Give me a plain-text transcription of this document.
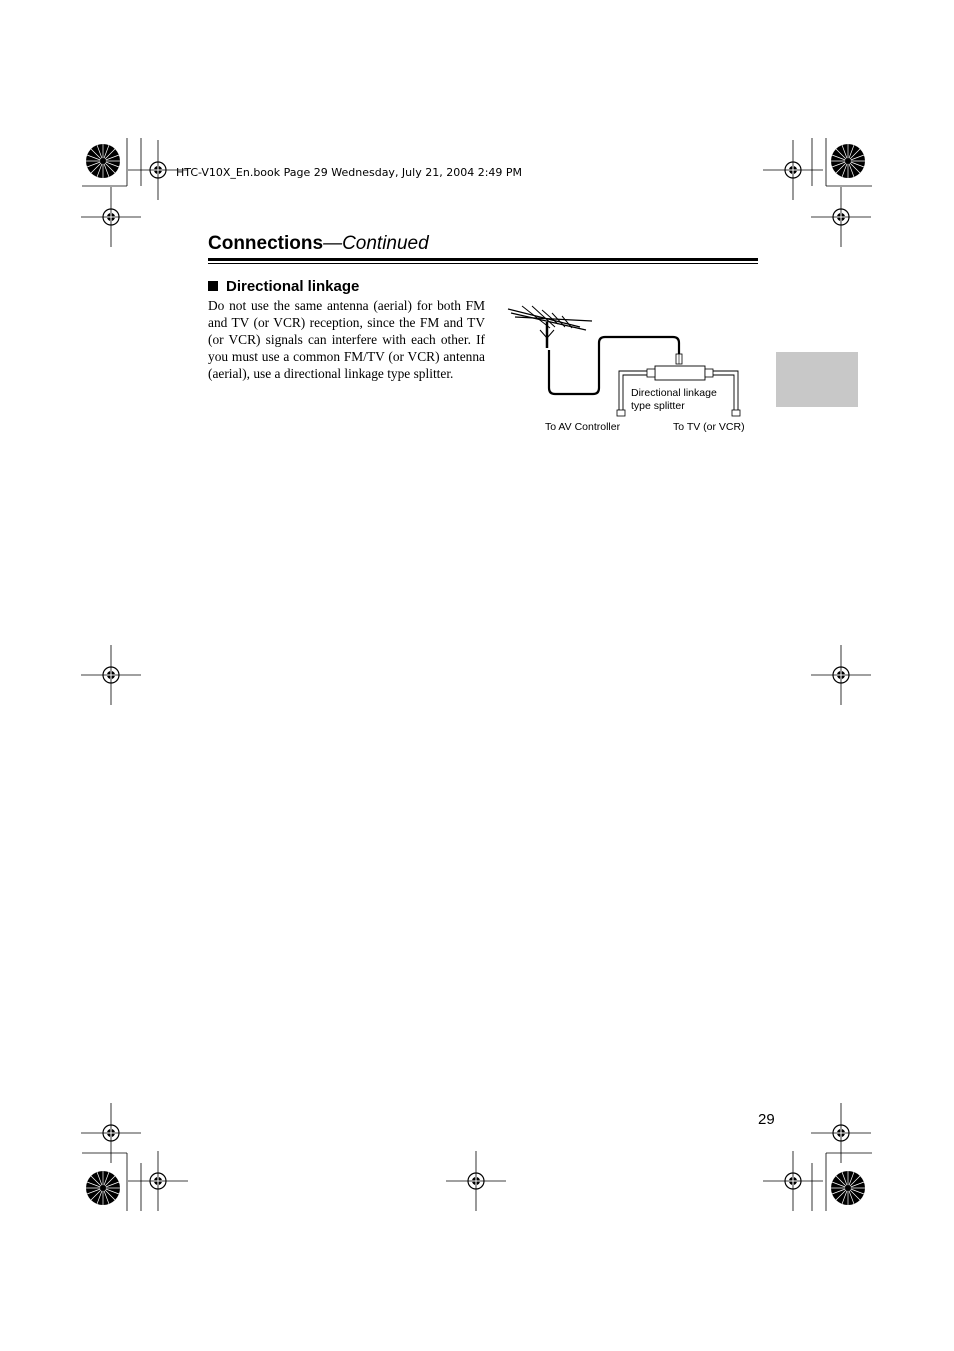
HTC-V10X_En.book Page 29 Wednesday, July 21, 2004 2:49 PM
Connections—Continued
Directional linkage
Do not use the same antenna (aerial) for both FM and TV (or VCR) reception, since the FM and TV (or VCR) signals can interfere with each other. If you must use a common FM/TV (or VCR) antenna (aerial), use a directional linkage type splitter.
Directional linkage
type splitter
To AV Controller	To TV (or VCR)
29
